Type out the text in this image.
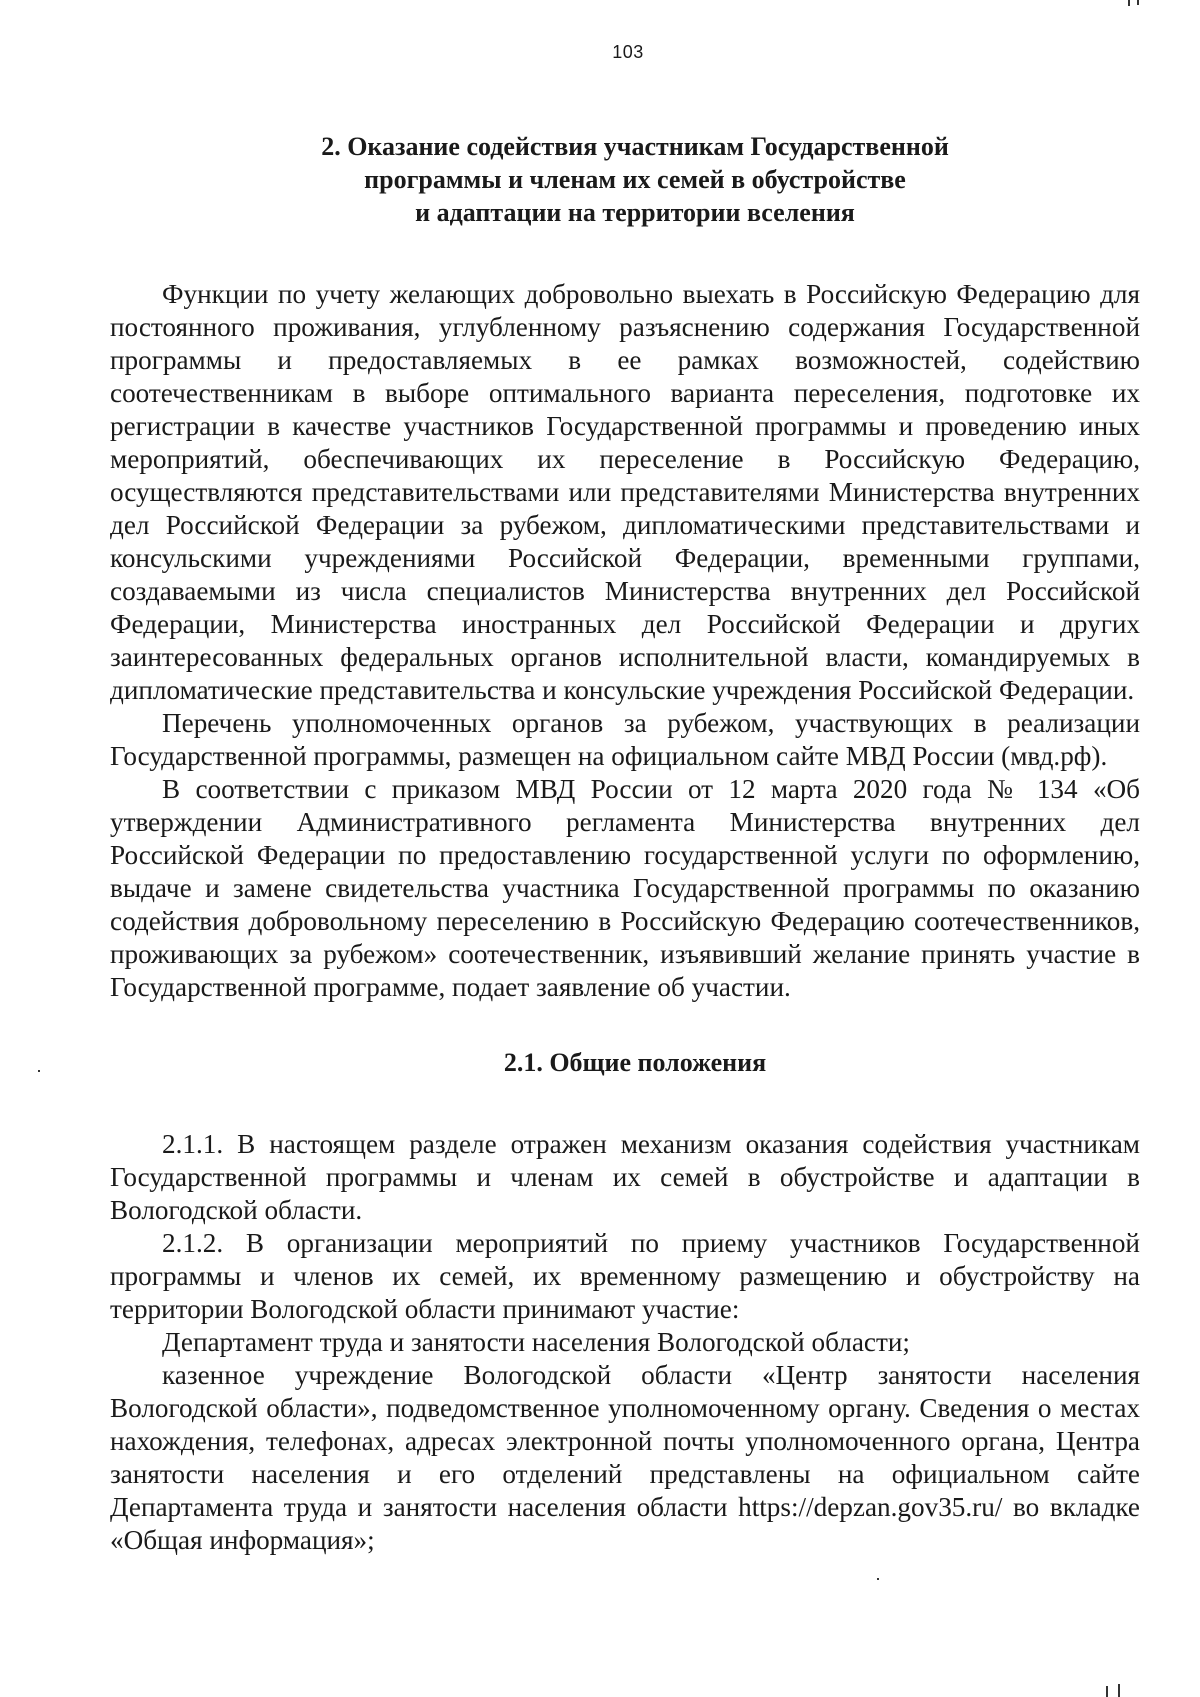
103
2. Оказание содействия участникам Государственной
программы и членам их семей в обустройстве
и адаптации на территории вселения

Функции по учету желающих добровольно выехать в Российскую Федерацию для постоянного проживания, углубленному разъяснению содержания Государственной программы и предоставляемых в ее рамках возможностей, содействию соотечественникам в выборе оптимального варианта переселения, подготовке их регистрации в качестве участников Государственной программы и проведению иных мероприятий, обеспечивающих их переселение в Российскую Федерацию, осуществляются представительствами или представителями Министерства внутренних дел Российской Федерации за рубежом, дипломатическими представительствами и консульскими учреждениями Российской Федерации, временными группами, создаваемыми из числа специалистов Министерства внутренних дел Российской Федерации, Министерства иностранных дел Российской Федерации и других заинтересованных федеральных органов исполнительной власти, командируемых в дипломатические представительства и консульские учреждения Российской Федерации.

Перечень уполномоченных органов за рубежом, участвующих в реализации Государственной программы, размещен на официальном сайте МВД России (мвд.рф).

В соответствии с приказом МВД России от 12 марта 2020 года № 134 «Об утверждении Административного регламента Министерства внутренних дел Российской Федерации по предоставлению государственной услуги по оформлению, выдаче и замене свидетельства участника Государственной программы по оказанию содействия добровольному переселению в Российскую Федерацию соотечественников, проживающих за рубежом» соотечественник, изъявивший желание принять участие в Государственной программе, подает заявление об участии.

2.1. Общие положения

2.1.1. В настоящем разделе отражен механизм оказания содействия участникам Государственной программы и членам их семей в обустройстве и адаптации в Вологодской области.

2.1.2. В организации мероприятий по приему участников Государственной программы и членов их семей, их временному размещению и обустройству на территории Вологодской области принимают участие:

Департамент труда и занятости населения Вологодской области;

казенное учреждение Вологодской области «Центр занятости населения Вологодской области», подведомственное уполномоченному органу. Сведения о местах нахождения, телефонах, адресах электронной почты уполномоченного органа, Центра занятости населения и его отделений представлены на официальном сайте Департамента труда и занятости населения области https://depzan.gov35.ru/ во вкладке «Общая информация»;
